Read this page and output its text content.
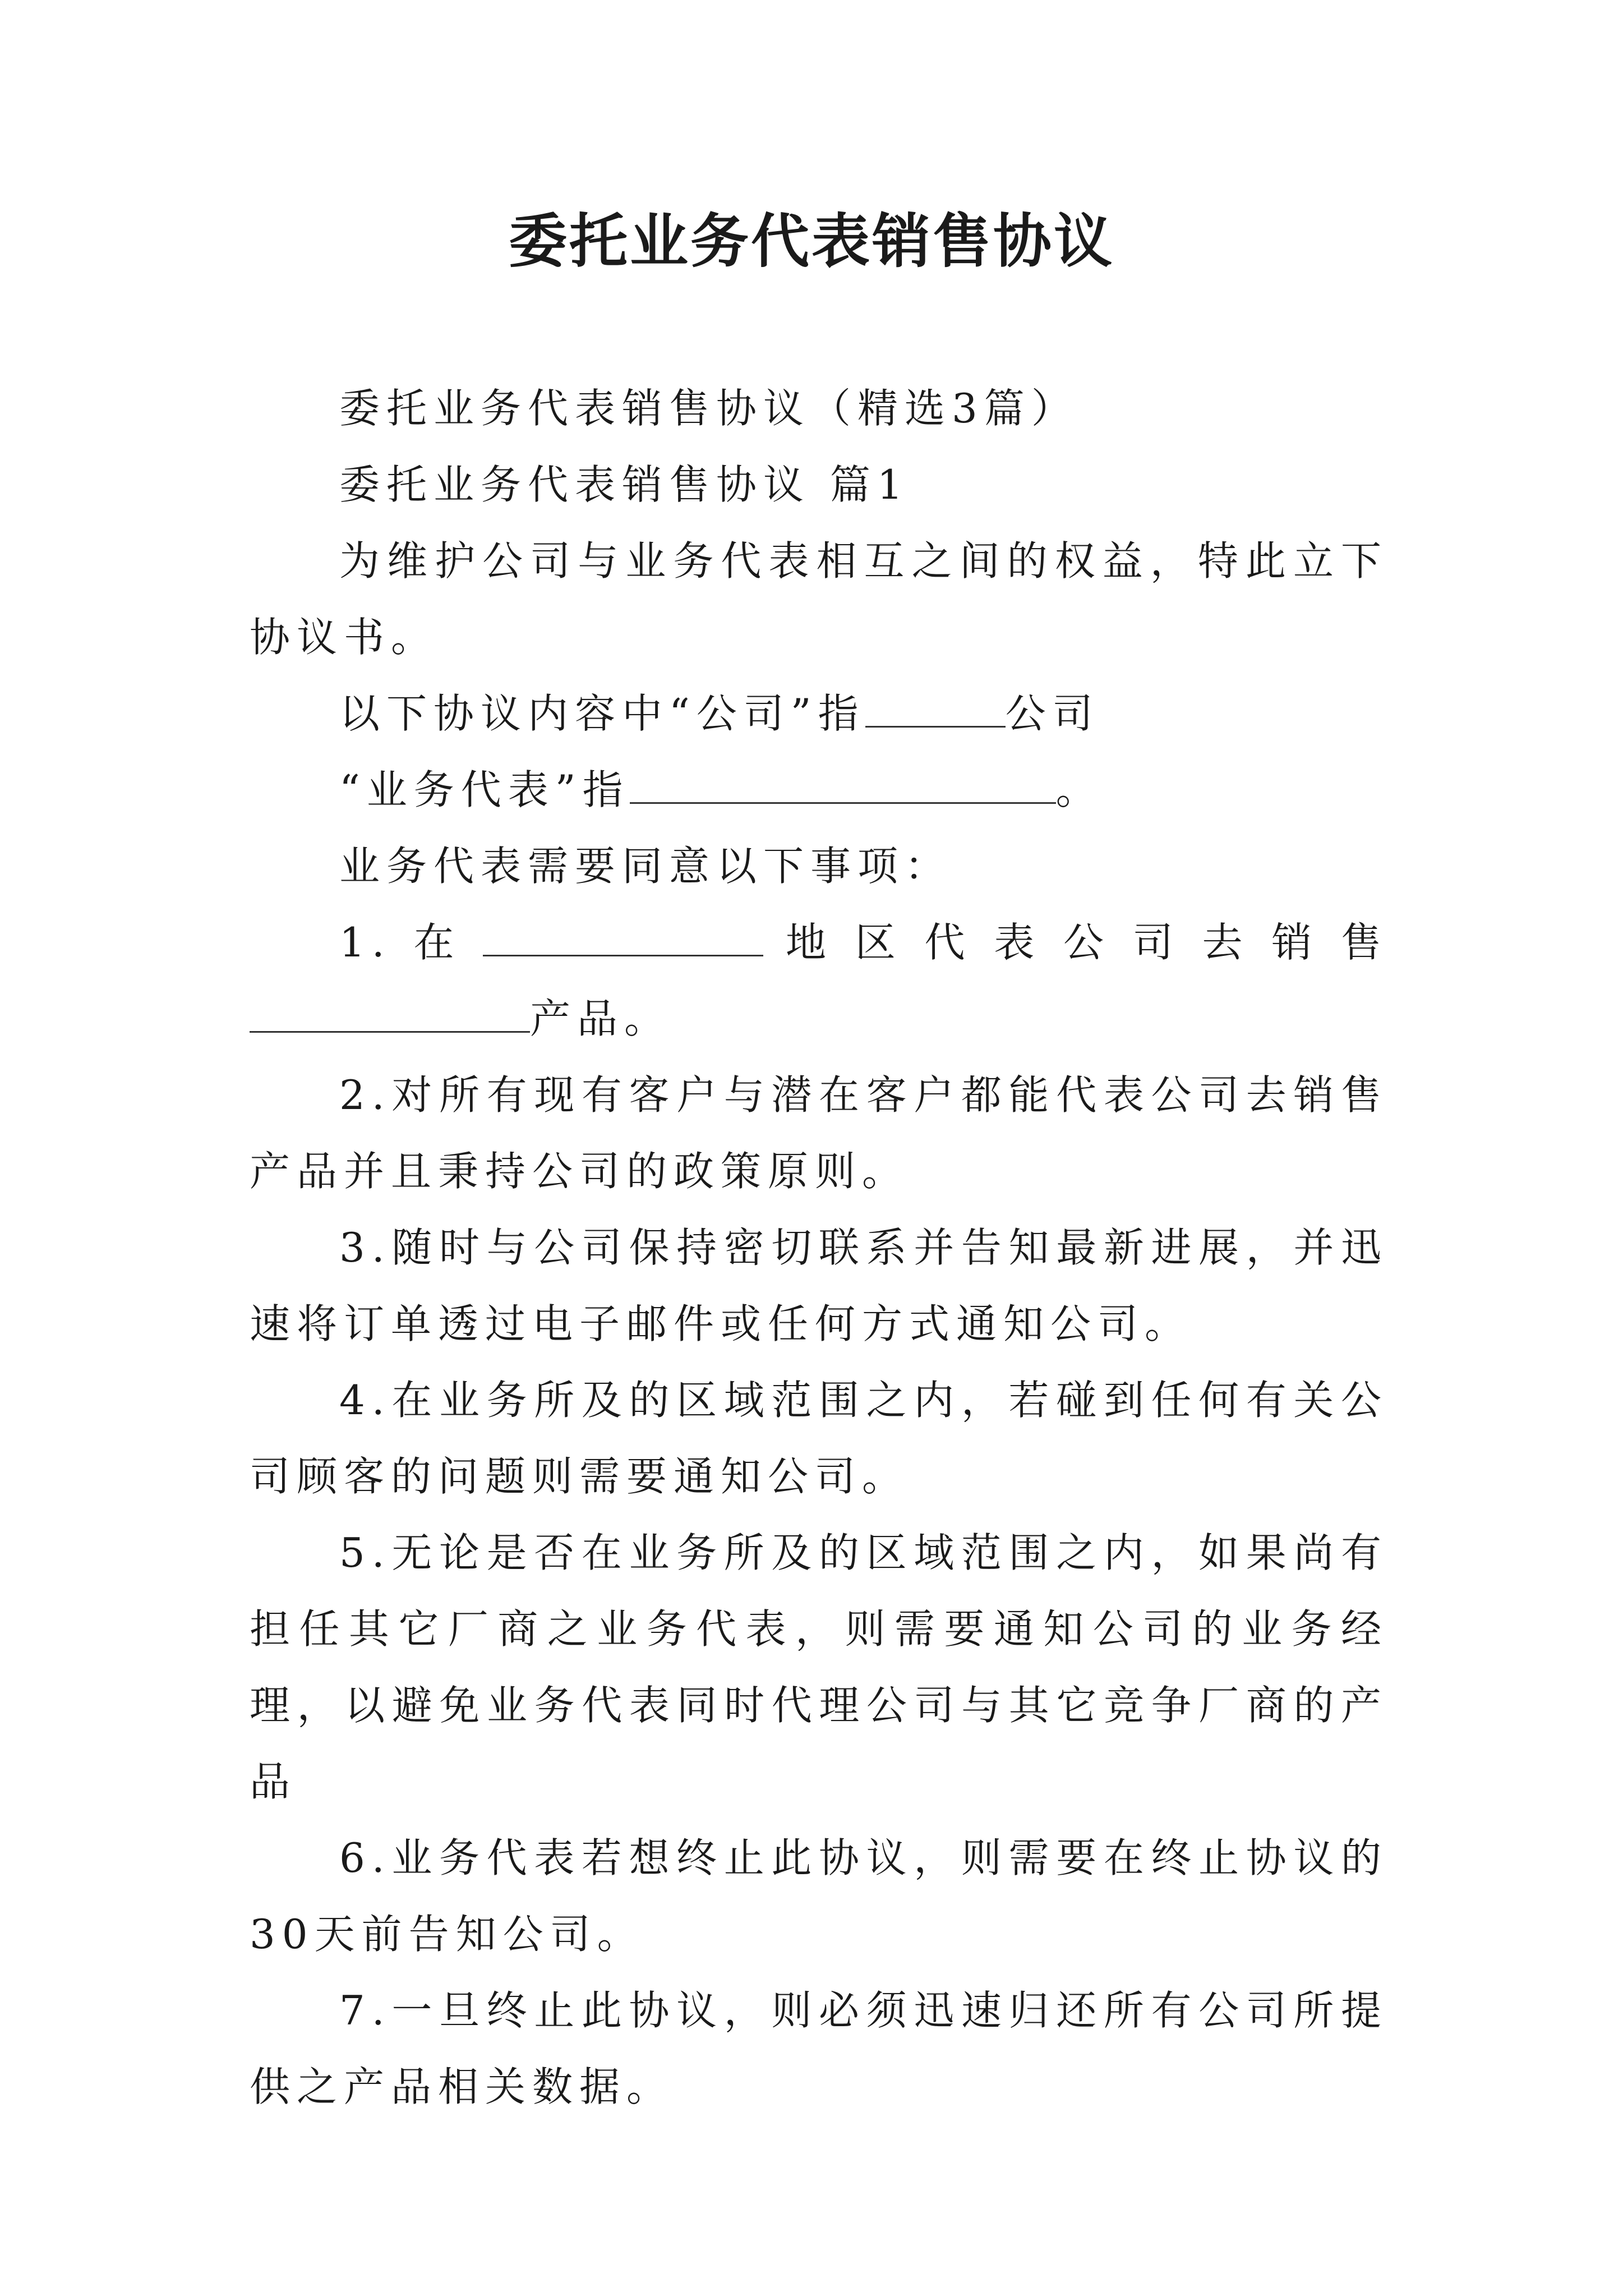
委托业务代表销售协议

委托业务代表销售协议（精选3篇）

委托业务代表销售协议 篇1

为维护公司与业务代表相互之间的权益，特此立下协议书。

以下协议内容中“公司”指	公司

“业务代表”指	。

业务代表需要同意以下事项：

1.在	地区代表公司去销售产品。

2.对所有现有客户与潜在客户都能代表公司去销售产品并且秉持公司的政策原则。

3.随时与公司保持密切联系并告知最新进展，并迅速将订单透过电子邮件或任何方式通知公司。

4.在业务所及的区域范围之内，若碰到任何有关公司顾客的问题则需要通知公司。

5.无论是否在业务所及的区域范围之内，如果尚有担任其它厂商之业务代表，则需要通知公司的业务经理，以避免业务代表同时代理公司与其它竞争厂商的产品

6.业务代表若想终止此协议，则需要在终止协议的30天前告知公司。

7.一旦终止此协议，则必须迅速归还所有公司所提供之产品相关数据。
